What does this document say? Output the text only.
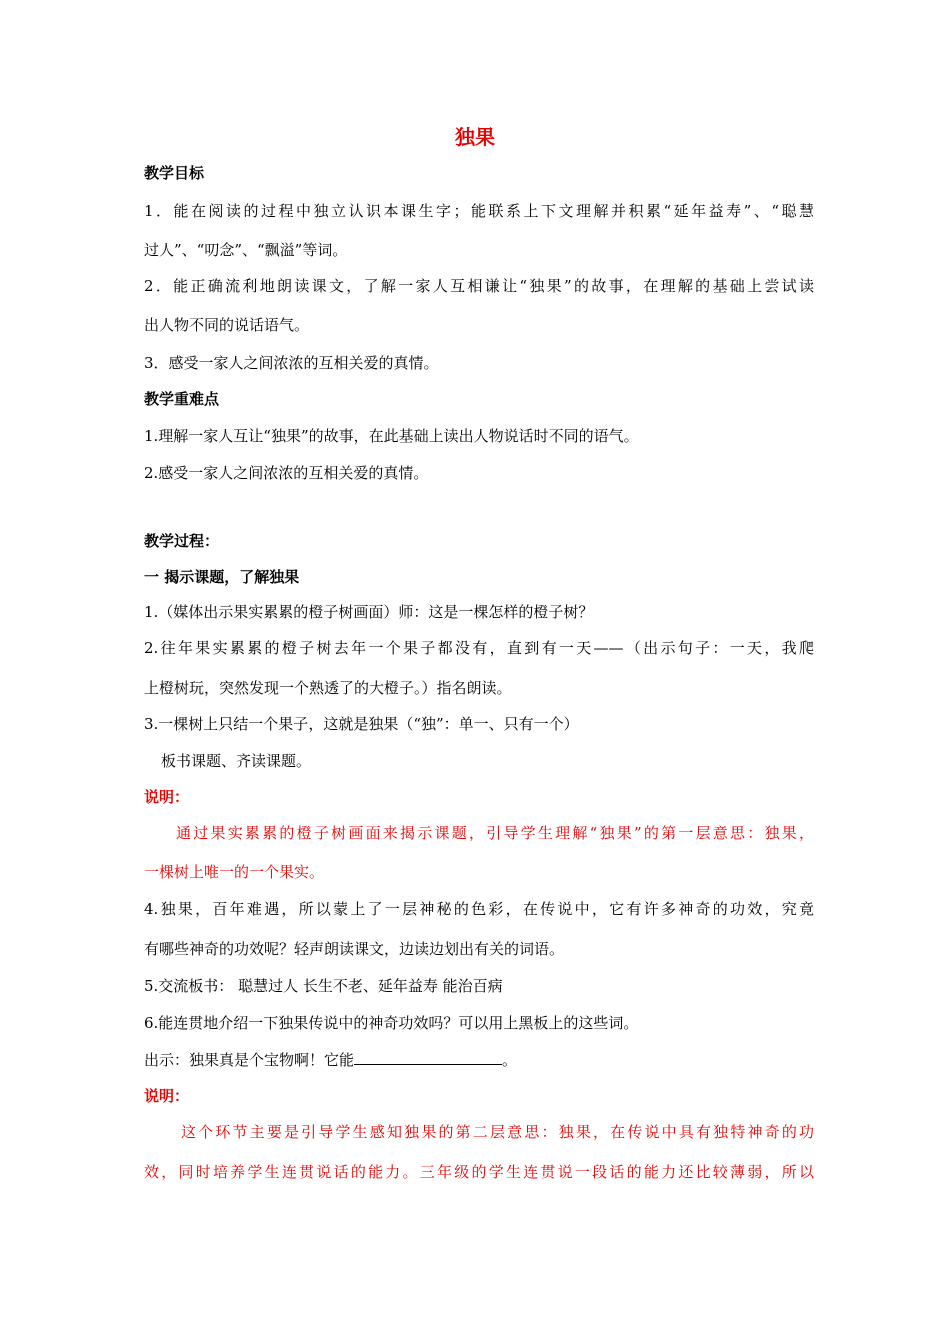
独果
教学目标
1．能在阅读的过程中独立认识本课生字；能联系上下文理解并积累“延年益寿”、“聪慧
过人”、“叨念”、“飘溢”等词。
2．能正确流利地朗读课文，了解一家人互相谦让“独果”的故事，在理解的基础上尝试读
出人物不同的说话语气。
3．感受一家人之间浓浓的互相关爱的真情。
教学重难点
1.理解一家人互让“独果”的故事，在此基础上读出人物说话时不同的语气。
2.感受一家人之间浓浓的互相关爱的真情。
教学过程：
一 揭示课题，了解独果
1.（媒体出示果实累累的橙子树画面）师：这是一棵怎样的橙子树？
2.往年果实累累的橙子树去年一个果子都没有，直到有一天——（出示句子：一天，我爬
上橙树玩，突然发现一个熟透了的大橙子。）指名朗读。
3.一棵树上只结一个果子，这就是独果（“独”：单一、只有一个）
板书课题、齐读课题。
说明：
通过果实累累的橙子树画面来揭示课题，引导学生理解“独果”的第一层意思：独果，
一棵树上唯一的一个果实。
4.独果，百年难遇，所以蒙上了一层神秘的色彩，在传说中，它有许多神奇的功效，究竟
有哪些神奇的功效呢？轻声朗读课文，边读边划出有关的词语。
5.交流板书： 聪慧过人 长生不老、延年益寿 能治百病
6.能连贯地介绍一下独果传说中的神奇功效吗？可以用上黑板上的这些词。
出示：独果真是个宝物啊！它能	。
说明：
这个环节主要是引导学生感知独果的第二层意思：独果，在传说中具有独特神奇的功
效，同时培养学生连贯说话的能力。三年级的学生连贯说一段话的能力还比较薄弱，所以
